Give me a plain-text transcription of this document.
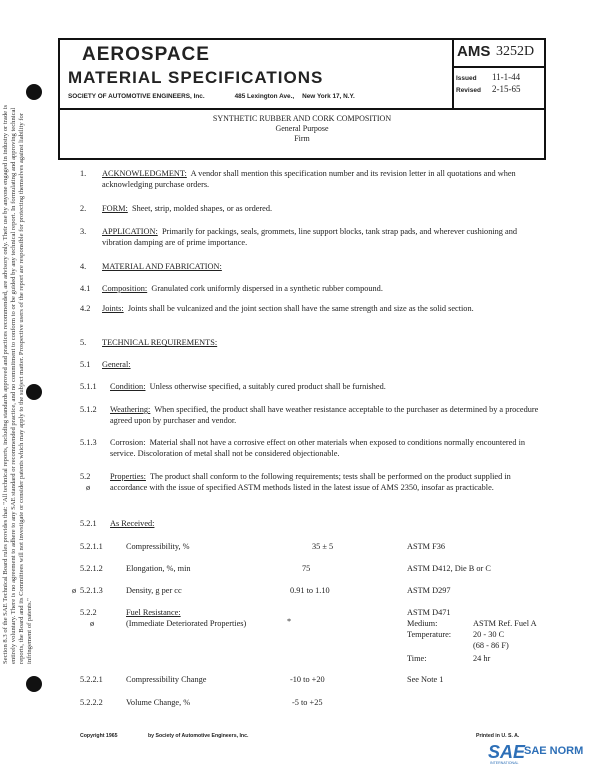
Section 8.3 of the SAE Technical Board rules provides that: "All technical reports, including standards approved and practices recommended, are advisory only. Their use by anyone engaged in industry or trade is entirely voluntary. There is no agreement to adhere to any SAE standard or recommended practice, and no commitment to conform to or be guided by any technical report. In formulating and approving technical reports, the Board and its Committees will not investigate or consider patents which may apply to the subject matter. Prospective users of the report are responsible for protecting themselves against liability for infringement of patents."
AEROSPACE
MATERIAL SPECIFICATIONS
SOCIETY OF AUTOMOTIVE ENGINEERS, Inc.	485 Lexington Ave., New York 17, N.Y.
AMS 3252D
Issued 11-1-44
Revised 2-15-65
SYNTHETIC RUBBER AND CORK COMPOSITION
General Purpose
Firm
1. ACKNOWLEDGMENT: A vendor shall mention this specification number and its revision letter in all quotations and when acknowledging purchase orders.
2. FORM: Sheet, strip, molded shapes, or as ordered.
3. APPLICATION: Primarily for packings, seals, grommets, line support blocks, tank strap pads, and wherever cushioning and vibration damping are of prime importance.
4. MATERIAL AND FABRICATION:
4.1 Composition: Granulated cork uniformly dispersed in a synthetic rubber compound.
4.2 Joints: Joints shall be vulcanized and the joint section shall have the same strength and size as the solid section.
5. TECHNICAL REQUIREMENTS:
5.1 General:
5.1.1 Condition: Unless otherwise specified, a suitably cured product shall be furnished.
5.1.2 Weathering: When specified, the product shall have weather resistance acceptable to the purchaser as determined by a procedure agreed upon by purchaser and vendor.
5.1.3 Corrosion: Material shall not have a corrosive effect on other materials when exposed to conditions normally encountered in service. Discoloration of metal shall not be considered objectionable.
5.2
ø
Properties: The product shall conform to the following requirements; tests shall be performed on the product supplied in accordance with the issue of specified ASTM methods listed in the latest issue of AMS 2350, insofar as practicable.
5.2.1 As Received:
5.2.1.1	Compressibility, %	35 ± 5	ASTM F36
5.2.1.2	Elongation, %, min	75	ASTM D412, Die B or C
ø 5.2.1.3	Density, g per cc	0.91 to 1.10	ASTM D297
5.2.2	Fuel Resistance:
ø	(Immediate Deteriorated Properties)	*
ASTM D471
Medium:	ASTM Ref. Fuel A
Temperature:	20 - 30 C
(68 - 86 F)
Time:	24 hr
5.2.2.1	Compressibility Change	-10 to +20	See Note 1
5.2.2.2	Volume Change, %	-5 to +25
Copyright 1965	by Society of Automotive Engineers, Inc.	Printed in U. S. A.
SAE
SAE NORM
INTERNATIONAL
